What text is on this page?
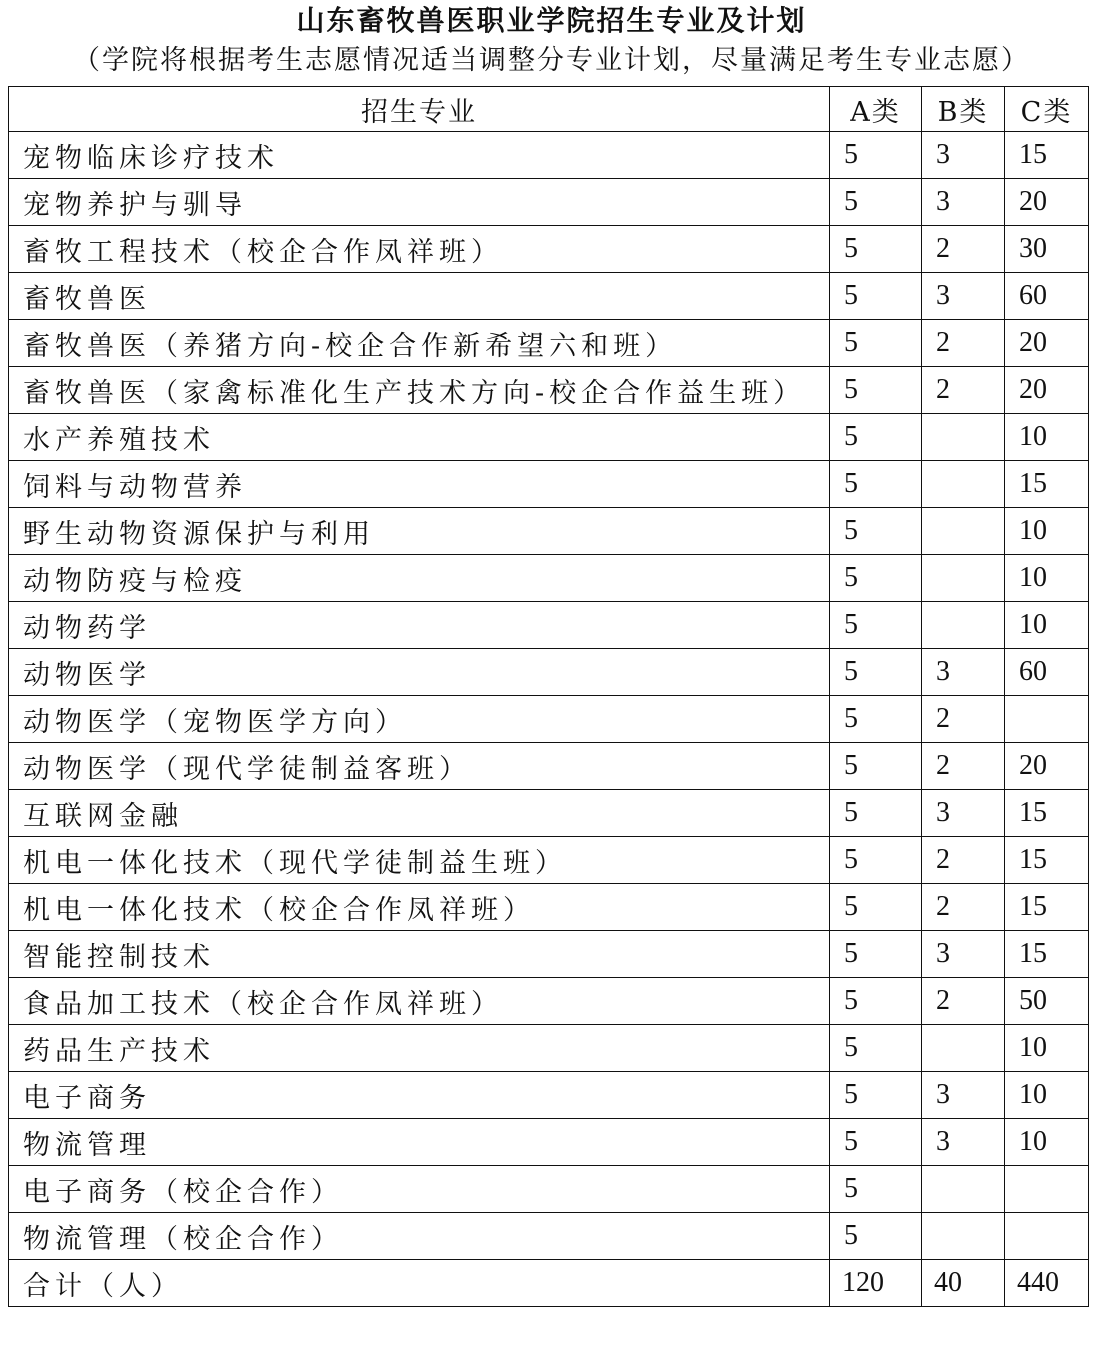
山东畜牧兽医职业学院招生专业及计划
（学院将根据考生志愿情况适当调整分专业计划，尽量满足考生专业志愿）
招生专业	A类	B类	C类
宠物临床诊疗技术	5	3	15
宠物养护与驯导	5	3	20
畜牧工程技术（校企合作凤祥班）	5	2	30
畜牧兽医	5	3	60
畜牧兽医（养猪方向-校企合作新希望六和班）	5	2	20
畜牧兽医（家禽标准化生产技术方向-校企合作益生班）	5	2	20
水产养殖技术	5		10
饲料与动物营养	5		15
野生动物资源保护与利用	5		10
动物防疫与检疫	5		10
动物药学	5		10
动物医学	5	3	60
动物医学（宠物医学方向）	5	2	
动物医学（现代学徒制益客班）	5	2	20
互联网金融	5	3	15
机电一体化技术（现代学徒制益生班）	5	2	15
机电一体化技术（校企合作凤祥班）	5	2	15
智能控制技术	5	3	15
食品加工技术（校企合作凤祥班）	5	2	50
药品生产技术	5		10
电子商务	5	3	10
物流管理	5	3	10
电子商务（校企合作）	5		
物流管理（校企合作）	5		
合计（人）	120	40	440
